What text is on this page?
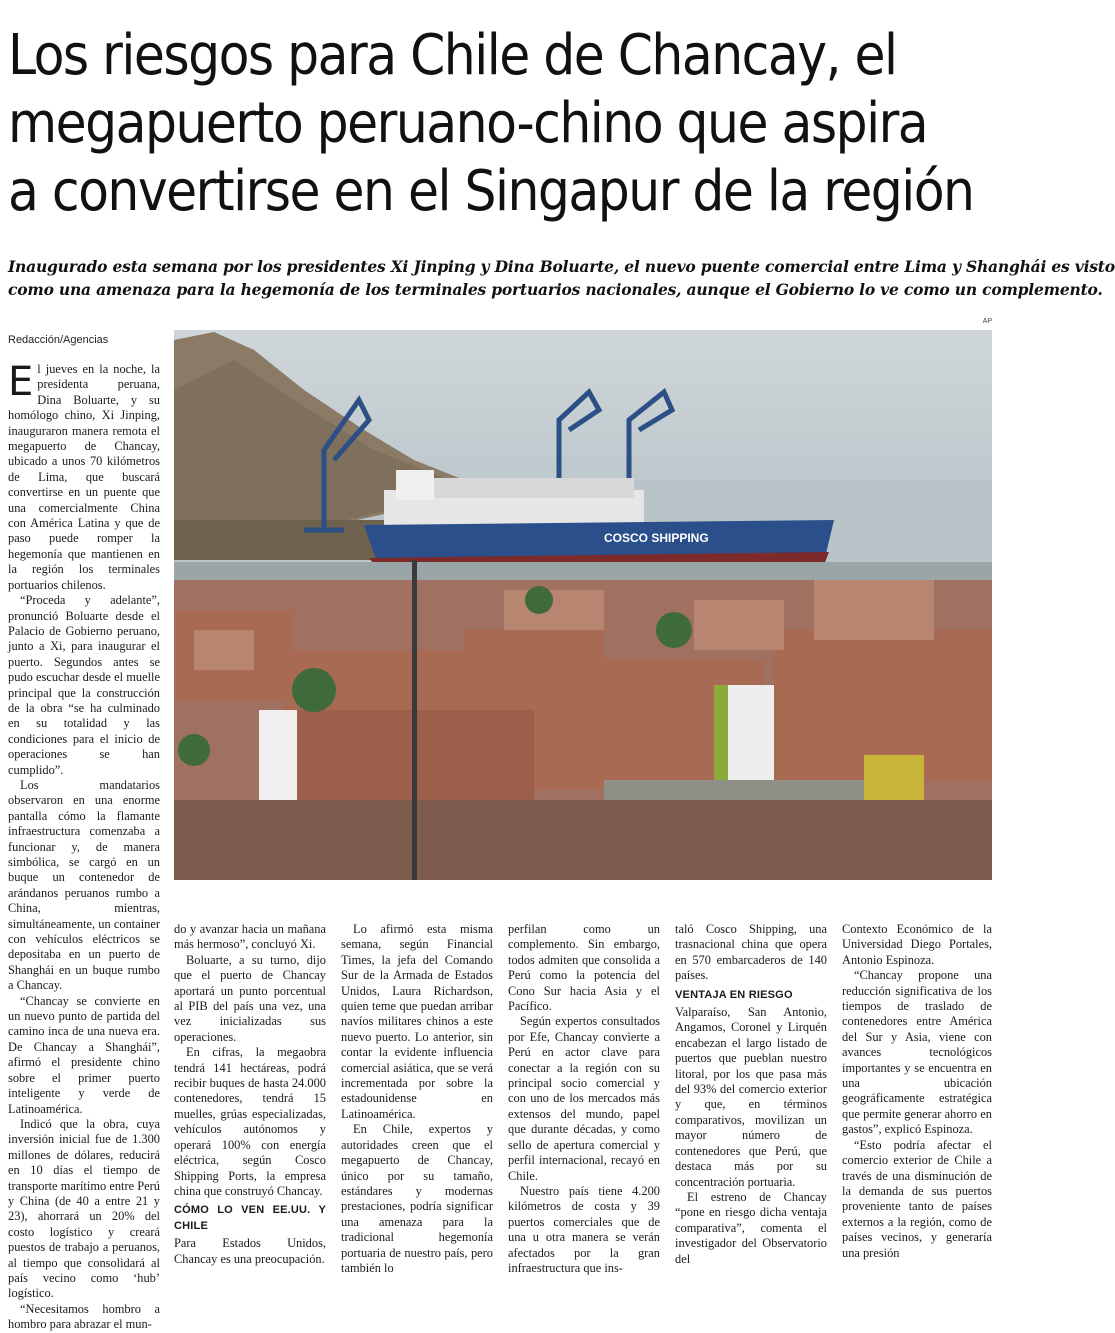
Los riesgos para Chile de Chancay, el
megapuerto peruano-chino que aspira
a convertirse en el Singapur de la región
Inaugurado esta semana por los presidentes Xi Jinping y Dina Boluarte, el nuevo puente comercial entre Lima y Shanghái es visto
como una amenaza para la hegemonía de los terminales portuarios nacionales, aunque el Gobierno lo ve como un complemento.
AP
Redacción/Agencias
COSCO SHIPPING

El jueves en la noche, la presidenta peruana, Dina Boluarte, y su homólogo chino, Xi Jinping, inauguraron manera remota el megapuerto de Chancay, ubicado a unos 70 kilómetros de Lima, que buscará convertirse en un puente que una comercialmente China con América Latina y que de paso puede romper la hegemonía que mantienen en la región los terminales portuarios chilenos.

“Proceda y adelante”, pronunció Boluarte desde el Palacio de Gobierno peruano, junto a Xi, para inaugurar el puerto. Segundos antes se pudo escuchar desde el muelle principal que la construcción de la obra “se ha culminado en su totalidad y las condiciones para el inicio de operaciones se han cumplido”.

Los mandatarios observaron en una enorme pantalla cómo la flamante infraestructura comenzaba a funcionar y, de manera simbólica, se cargó en un buque un contenedor de arándanos peruanos rumbo a China, mientras, simultáneamente, un container con vehículos eléctricos se depositaba en un puerto de Shanghái en un buque rumbo a Chancay.

“Chancay se convierte en un nuevo punto de partida del camino inca de una nueva era. De Chancay a Shanghái”, afirmó el presidente chino sobre el primer puerto inteligente y verde de Latinoamérica.

Indicó que la obra, cuya inversión inicial fue de 1.300 millones de dólares, reducirá en 10 días el tiempo de transporte marítimo entre Perú y China (de 40 a entre 21 y 23), ahorrará un 20% del costo logístico y creará puestos de trabajo a peruanos, al tiempo que consolidará al país vecino como ‘hub’ logístico.

“Necesitamos hombro a hombro para abrazar el mun-

do y avanzar hacia un mañana más hermoso”, concluyó Xi.

Boluarte, a su turno, dijo que el puerto de Chancay aportará un punto porcentual al PIB del país una vez, una vez inicializadas sus operaciones.

En cifras, la megaobra tendrá 141 hectáreas, podrá recibir buques de hasta 24.000 contenedores, tendrá 15 muelles, grúas especializadas, vehículos autónomos y operará 100% con energía eléctrica, según Cosco Shipping Ports, la empresa china que construyó Chancay.

CÓMO LO VEN EE.UU. Y CHILE

Para Estados Unidos, Chancay es una preocupación.

Lo afirmó esta misma semana, según Financial Times, la jefa del Comando Sur de la Armada de Estados Unidos, Laura Richardson, quien teme que puedan arribar navíos militares chinos a este nuevo puerto. Lo anterior, sin contar la evidente influencia comercial asiática, que se verá incrementada por sobre la estadounidense en Latinoamérica.

En Chile, expertos y autoridades creen que el megapuerto de Chancay, único por su tamaño, estándares y modernas prestaciones, podría significar una amenaza para la tradicional hegemonía portuaria de nuestro país, pero también lo

perfilan como un complemento. Sin embargo, todos admiten que consolida a Perú como la potencia del Cono Sur hacia Asia y el Pacífico.

Según expertos consultados por Efe, Chancay convierte a Perú en actor clave para conectar a la región con su principal socio comercial y con uno de los mercados más extensos del mundo, papel que durante décadas, y como sello de apertura comercial y perfil internacional, recayó en Chile.

Nuestro país tiene 4.200 kilómetros de costa y 39 puertos comerciales que de una u otra manera se verán afectados por la gran infraestructura que ins-

taló Cosco Shipping, una trasnacional china que opera en 570 embarcaderos de 140 países.

VENTAJA EN RIESGO

Valparaíso, San Antonio, Angamos, Coronel y Lirquén encabezan el largo listado de puertos que pueblan nuestro litoral, por los que pasa más del 93% del comercio exterior y que, en términos comparativos, movilizan un mayor número de contenedores que Perú, que destaca más por su concentración portuaria.

El estreno de Chancay “pone en riesgo dicha ventaja comparativa”, comenta el investigador del Observatorio del

Contexto Económico de la Universidad Diego Portales, Antonio Espinoza.

“Chancay propone una reducción significativa de los tiempos de traslado de contenedores entre América del Sur y Asia, viene con avances tecnológicos importantes y se encuentra en una ubicación geográficamente estratégica que permite generar ahorro en gastos”, explicó Espinoza.

“Esto podría afectar el comercio exterior de Chile a través de una disminución de la demanda de sus puertos proveniente tanto de países externos a la región, como de países vecinos, y generaría una presión
